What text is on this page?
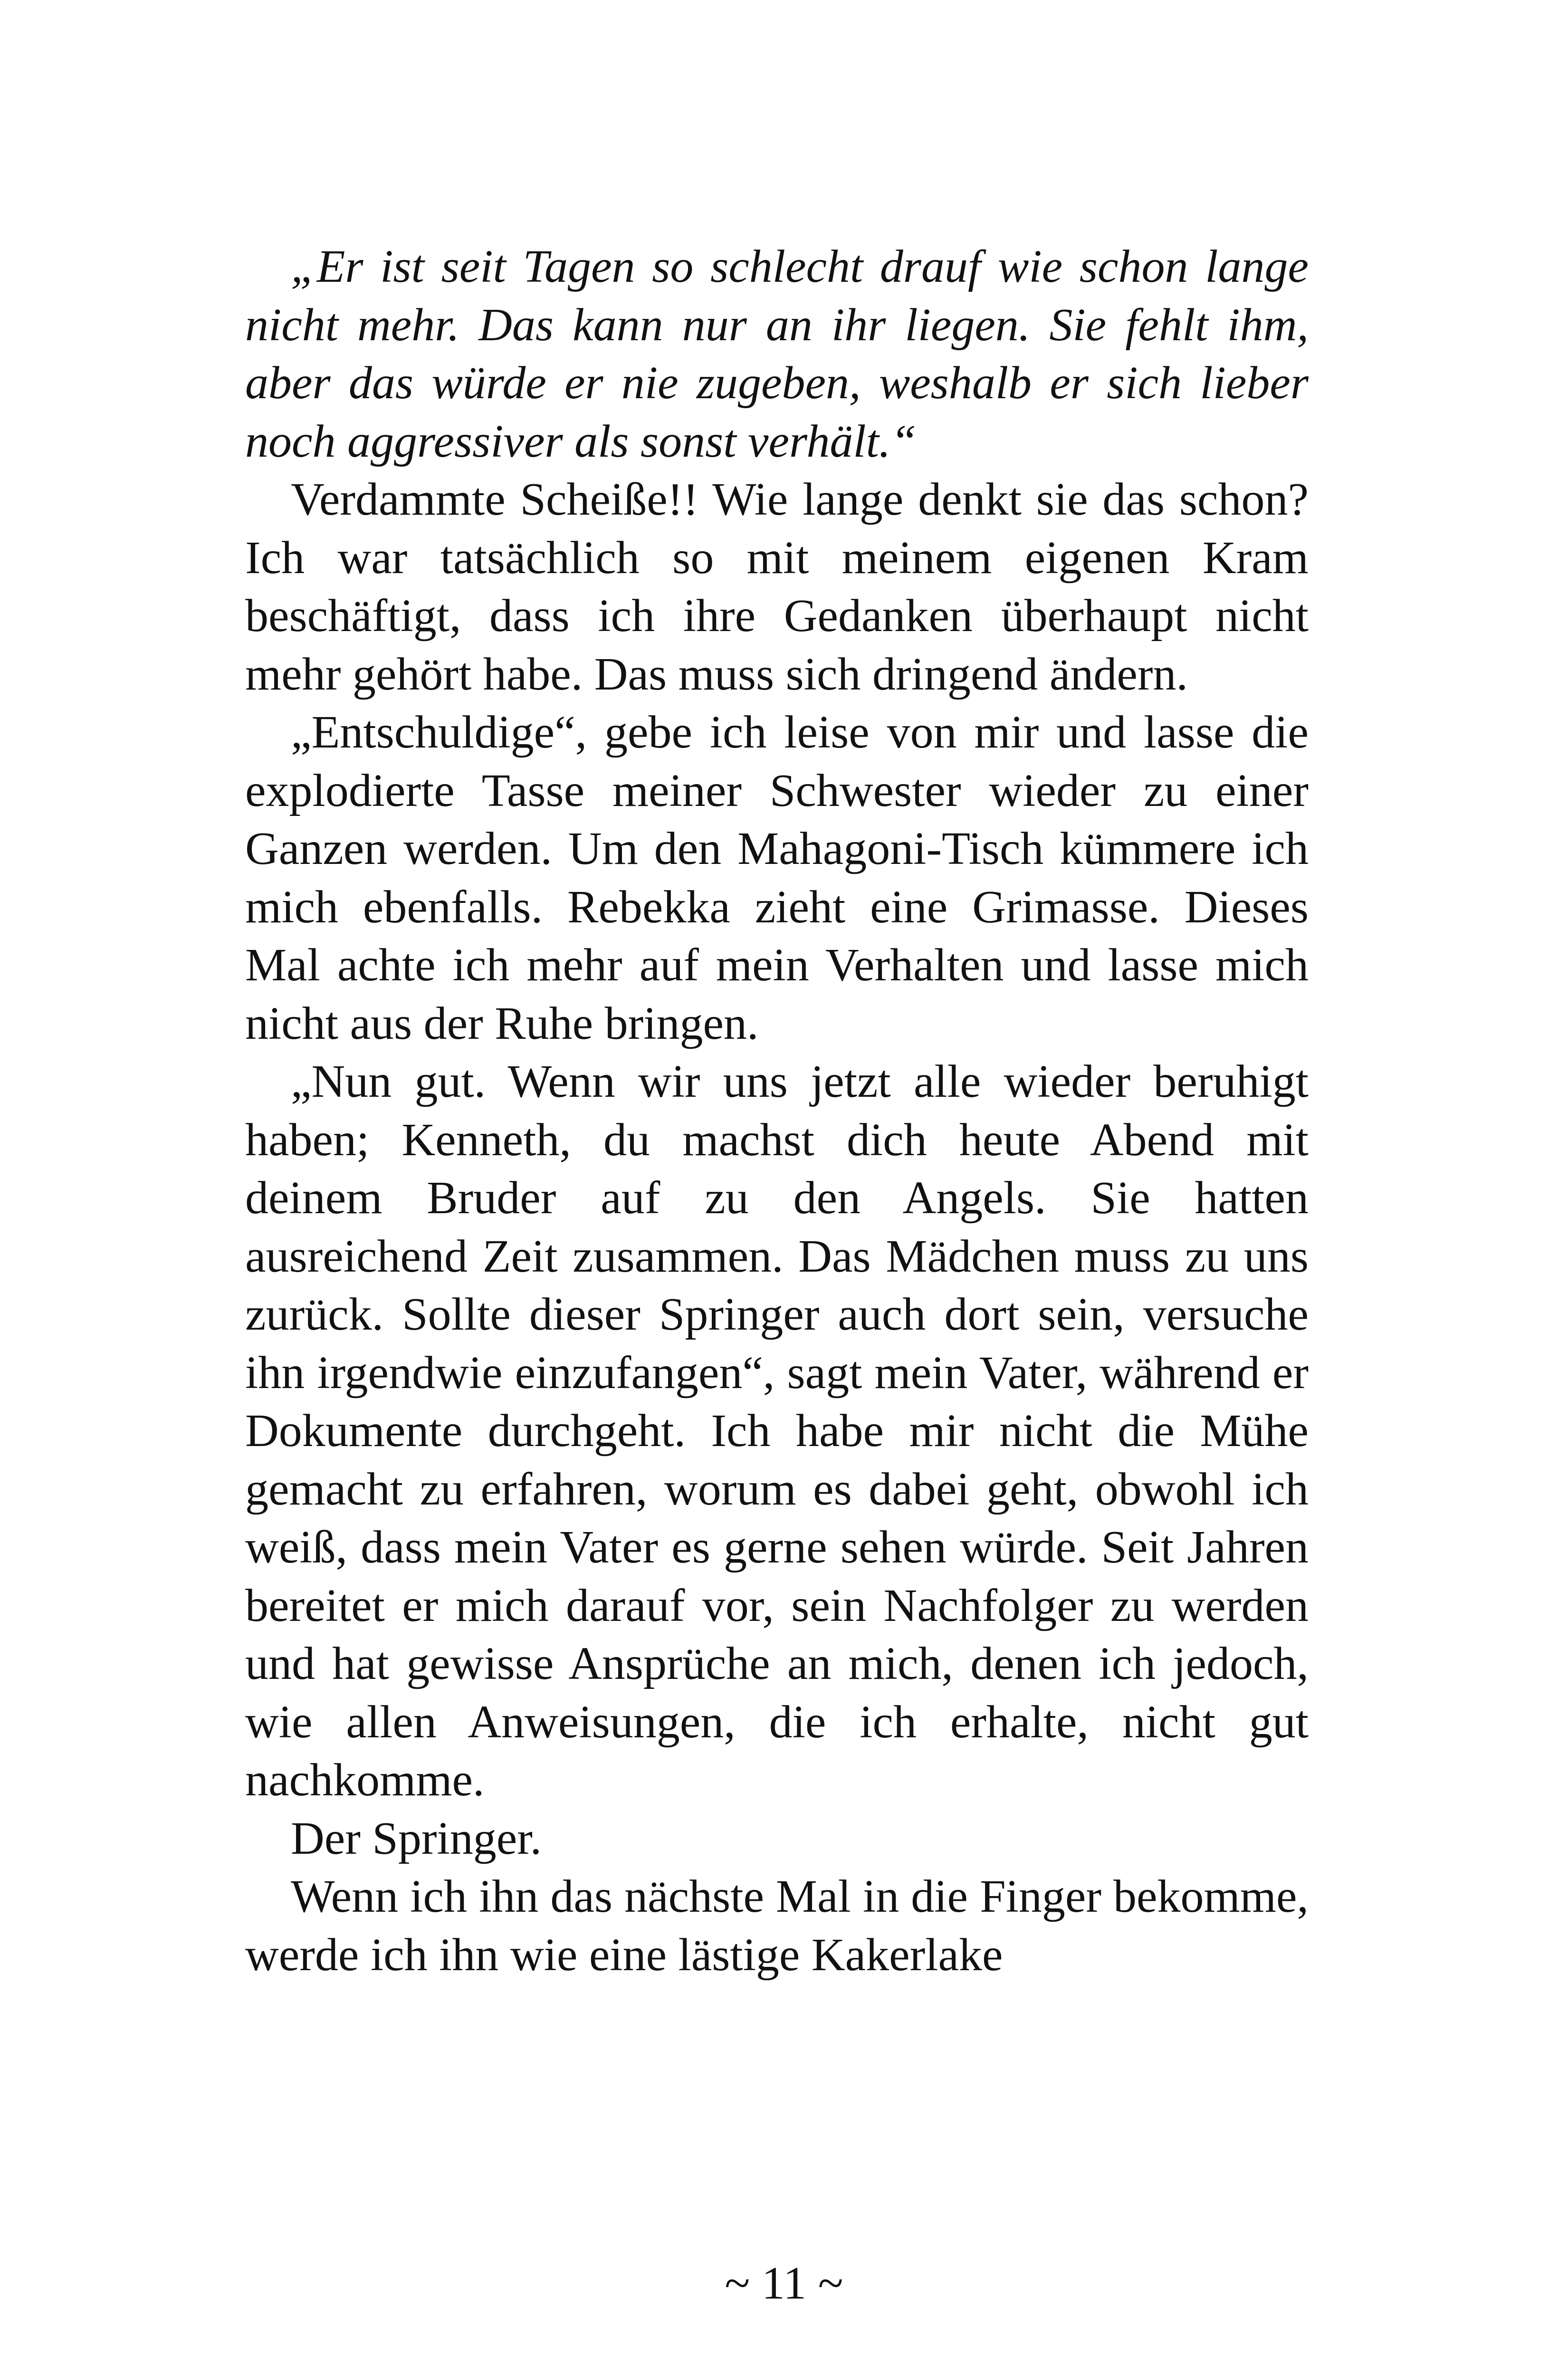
„Er ist seit Tagen so schlecht drauf wie schon lange nicht mehr. Das kann nur an ihr liegen. Sie fehlt ihm, aber das würde er nie zugeben, weshalb er sich lieber noch aggressiver als sonst verhält.“

Verdammte Scheiße!! Wie lange denkt sie das schon? Ich war tatsächlich so mit meinem eigenen Kram beschäftigt, dass ich ihre Gedanken überhaupt nicht mehr gehört habe. Das muss sich dringend ändern.

„Entschuldige“, gebe ich leise von mir und lasse die explodierte Tasse meiner Schwester wieder zu einer Ganzen werden. Um den Mahagoni-Tisch kümmere ich mich ebenfalls. Rebekka zieht eine Grimasse. Dieses Mal achte ich mehr auf mein Verhalten und lasse mich nicht aus der Ruhe bringen.

„Nun gut. Wenn wir uns jetzt alle wieder beruhigt haben; Kenneth, du machst dich heute Abend mit deinem Bruder auf zu den Angels. Sie hatten ausreichend Zeit zusammen. Das Mädchen muss zu uns zurück. Sollte dieser Springer auch dort sein, versuche ihn irgendwie einzufangen“, sagt mein Vater, während er Dokumente durchgeht. Ich habe mir nicht die Mühe gemacht zu erfahren, worum es dabei geht, obwohl ich weiß, dass mein Vater es gerne sehen würde. Seit Jahren bereitet er mich darauf vor, sein Nachfolger zu werden und hat gewisse Ansprüche an mich, denen ich jedoch, wie allen Anweisungen, die ich erhalte, nicht gut nachkomme.

Der Springer.

Wenn ich ihn das nächste Mal in die Finger bekomme, werde ich ihn wie eine lästige Kakerlake

~ 11 ~
